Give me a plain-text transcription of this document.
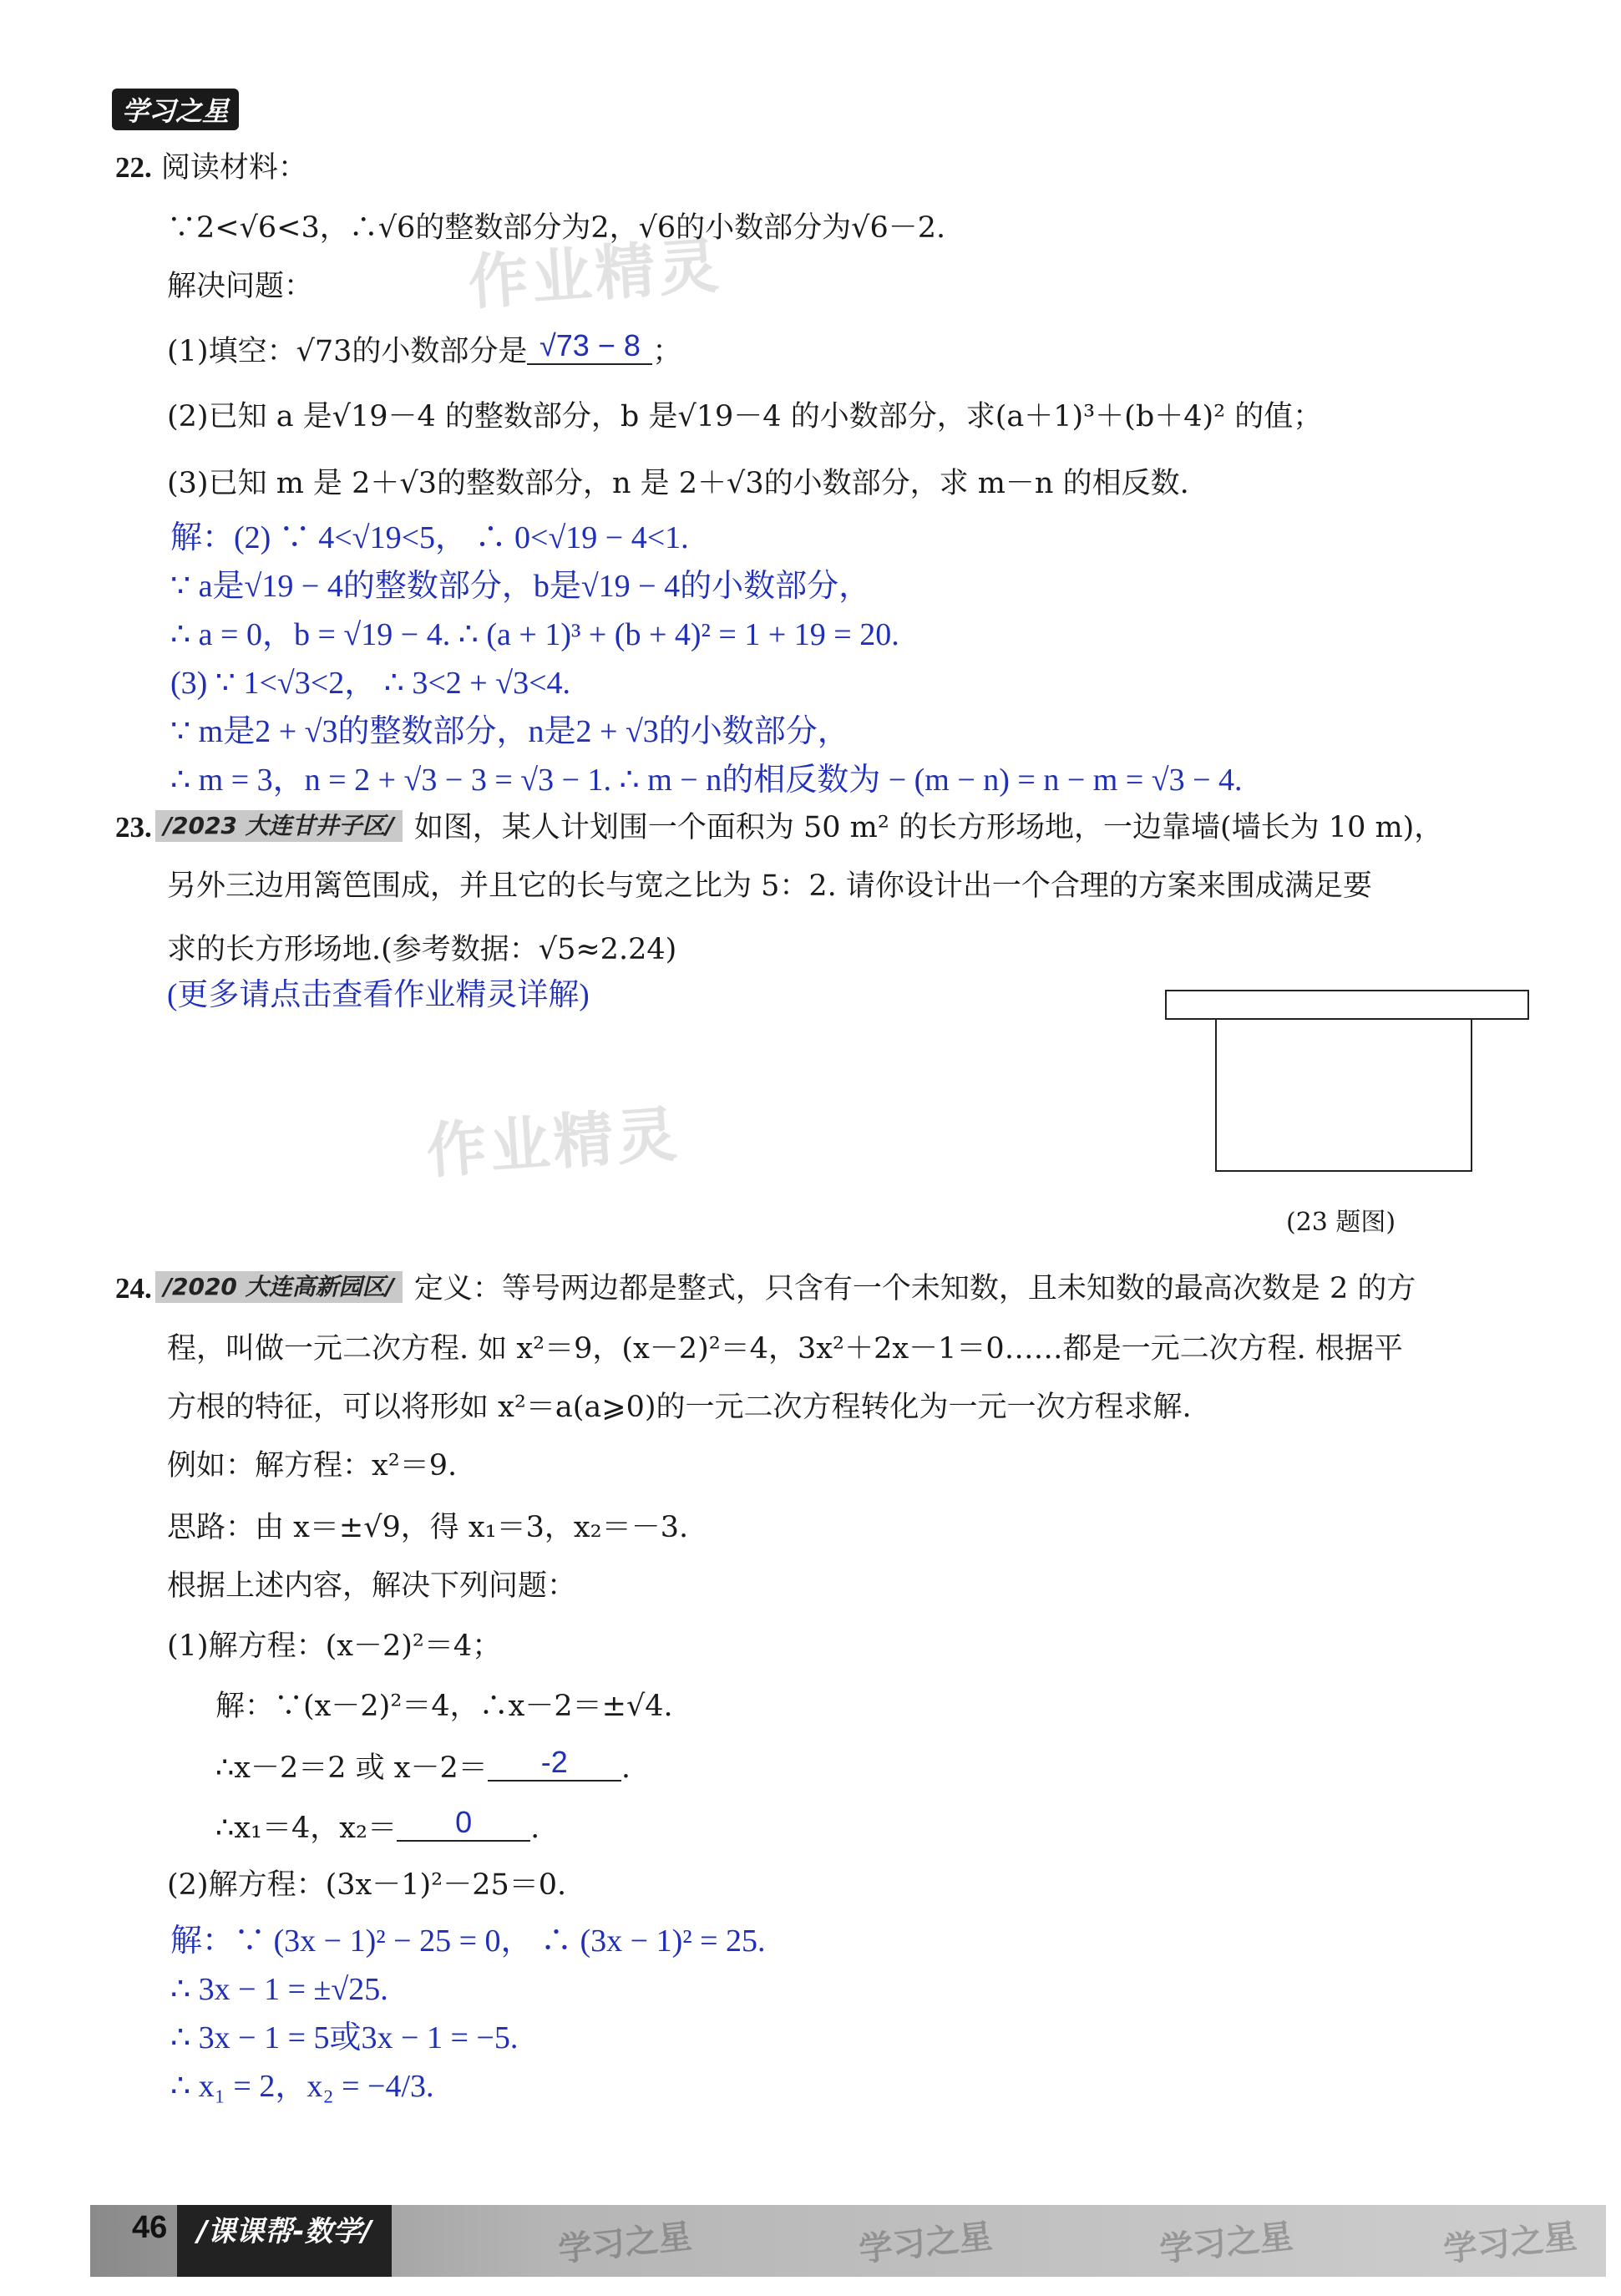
学习之星
作业精灵
作业精灵
22. 阅读材料：
∵2<√6<3，∴√6的整数部分为2，√6的小数部分为√6－2.
解决问题：
(1)填空：√73的小数部分是 √73 − 8 ；
(2)已知 a 是√19－4 的整数部分，b 是√19－4 的小数部分，求(a＋1)³＋(b＋4)² 的值；
(3)已知 m 是 2＋√3的整数部分，n 是 2＋√3的小数部分，求 m－n 的相反数.
解：(2) ∵ 4<√19<5， ∴ 0<√19 − 4<1.
∵ a是√19 − 4的整数部分，b是√19 − 4的小数部分，
∴ a = 0，b = √19 − 4. ∴ (a + 1)³ + (b + 4)² = 1 + 19 = 20.
(3) ∵ 1<√3<2， ∴ 3<2 + √3<4.
∵ m是2 + √3的整数部分，n是2 + √3的小数部分，
∴ m = 3，n = 2 + √3 − 3 = √3 − 1. ∴ m − n的相反数为 − (m − n) = n − m = √3 − 4.
23. /2023 大连甘井子区/ 如图，某人计划围一个面积为 50 m² 的长方形场地，一边靠墙(墙长为 10 m)，
另外三边用篱笆围成，并且它的长与宽之比为 5：2. 请你设计出一个合理的方案来围成满足要
求的长方形场地.(参考数据：√5≈2.24)
(更多请点击查看作业精灵详解)
(23 题图)
24. /2020 大连高新园区/ 定义：等号两边都是整式，只含有一个未知数，且未知数的最高次数是 2 的方
程，叫做一元二次方程. 如 x²＝9，(x－2)²＝4，3x²＋2x－1＝0……都是一元二次方程. 根据平
方根的特征，可以将形如 x²＝a(a⩾0)的一元二次方程转化为一元一次方程求解.
例如：解方程：x²＝9.
思路：由 x＝±√9，得 x₁＝3，x₂＝－3.
根据上述内容，解决下列问题：
(1)解方程：(x－2)²＝4；
解：∵(x－2)²＝4，∴x－2＝±√4.
∴x－2＝2 或 x－2＝ -2 .
∴x₁＝4，x₂＝ 0 .
(2)解方程：(3x－1)²－25＝0.
解：∵ (3x − 1)² − 25 = 0， ∴ (3x − 1)² = 25.
∴ 3x − 1 = ±√25.
∴ 3x − 1 = 5或3x − 1 = −5.
∴ x₁ = 2，x₂ = −4/3.
46	/课课帮-数学/	学习之星	学习之星	学习之星	学习之星
